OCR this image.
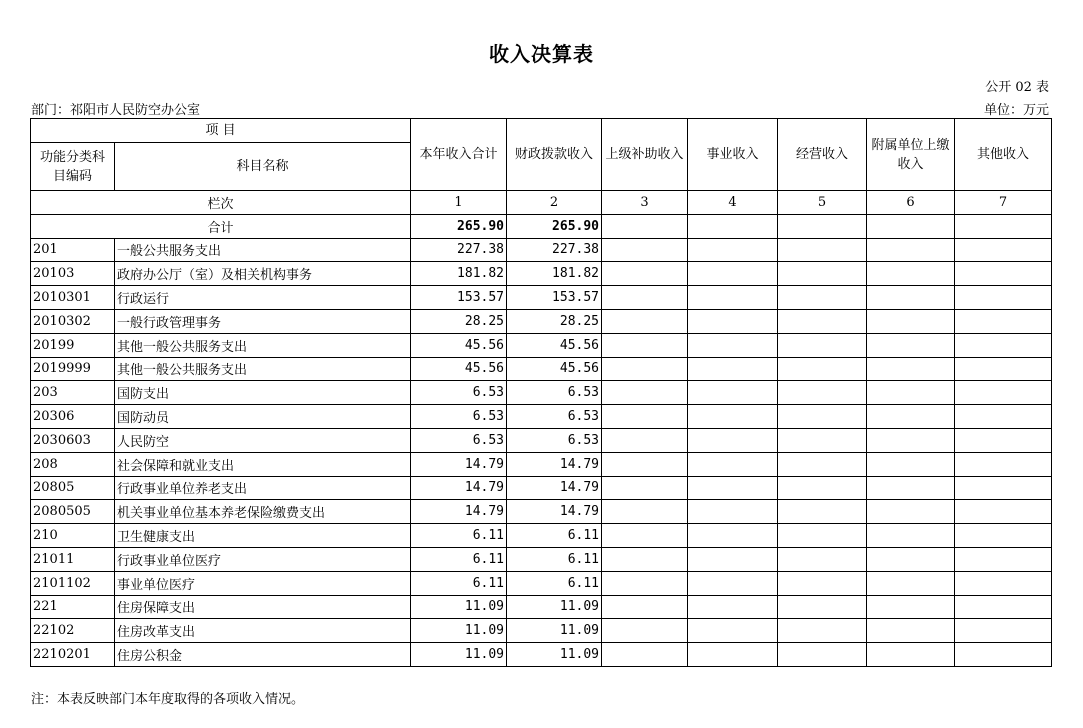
收入决算表
公开 02 表
部门：祁阳市人民防空办公室	单位：万元
项 目		本年收入合计	财政拨款收入	上级补助收入	事业收入	经营收入	附属单位上缴收入	其他收入
功能分类科目编码	科目名称							
栏次		1	2	3	4	5	6	7
合计		265.90	265.90					
201	一般公共服务支出	227.38	227.38					
20103	政府办公厅（室）及相关机构事务	181.82	181.82					
2010301	行政运行	153.57	153.57					
2010302	一般行政管理事务	28.25	28.25					
20199	其他一般公共服务支出	45.56	45.56					
2019999	其他一般公共服务支出	45.56	45.56					
203	国防支出	6.53	6.53					
20306	国防动员	6.53	6.53					
2030603	人民防空	6.53	6.53					
208	社会保障和就业支出	14.79	14.79					
20805	行政事业单位养老支出	14.79	14.79					
2080505	机关事业单位基本养老保险缴费支出	14.79	14.79					
210	卫生健康支出	6.11	6.11					
21011	行政事业单位医疗	6.11	6.11					
2101102	事业单位医疗	6.11	6.11					
221	住房保障支出	11.09	11.09					
22102	住房改革支出	11.09	11.09					
2210201	住房公积金	11.09	11.09					
注：本表反映部门本年度取得的各项收入情况。
